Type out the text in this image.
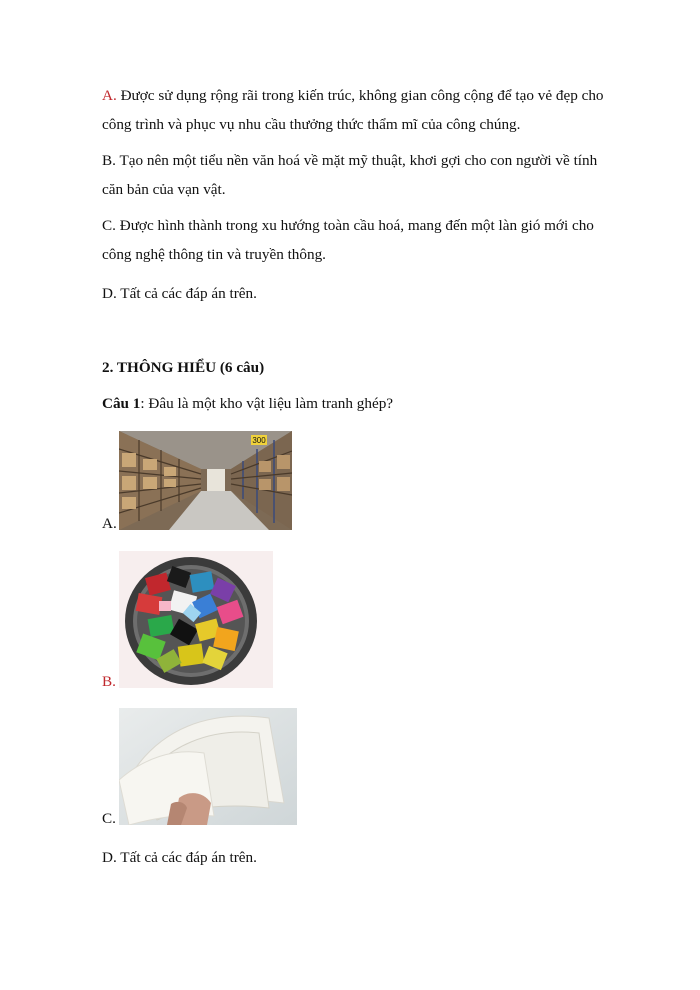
A. Được sử dụng rộng rãi trong kiến trúc, không gian công cộng để tạo vẻ đẹp cho
công trình và phục vụ nhu cầu thưởng thức thẩm mĩ của công chúng.
B. Tạo nên một tiểu nền văn hoá về mặt mỹ thuật, khơi gợi cho con người về tính
căn bản của vạn vật.
C. Được hình thành trong xu hướng toàn cầu hoá, mang đến một làn gió mới cho
công nghệ thông tin và truyền thông.
D. Tất cả các đáp án trên.
2. THÔNG HIỂU (6 câu)
Câu 1: Đâu là một kho vật liệu làm tranh ghép?
A.
300
B.
C.
D. Tất cả các đáp án trên.
